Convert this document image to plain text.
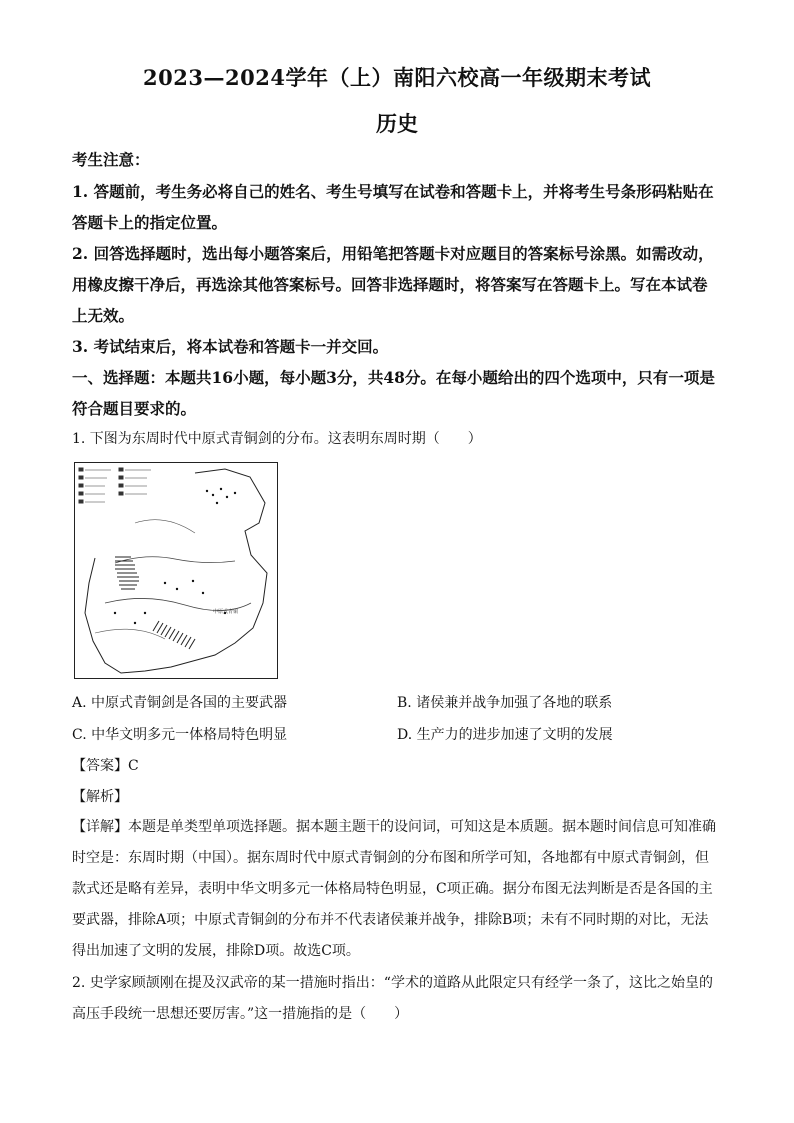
2023—2024学年（上）南阳六校高一年级期末考试
历史
考生注意：
1. 答题前，考生务必将自己的姓名、考生号填写在试卷和答题卡上，并将考生号条形码粘贴在答题卡上的指定位置。
2. 回答选择题时，选出每小题答案后，用铅笔把答题卡对应题目的答案标号涂黑。如需改动，用橡皮擦干净后，再选涂其他答案标号。回答非选择题时，将答案写在答题卡上。写在本试卷上无效。
3. 考试结束后，将本试卷和答题卡一并交回。
一、选择题：本题共16小题，每小题3分，共48分。在每小题给出的四个选项中，只有一项是符合题目要求的。
1. 下图为东周时代中原式青铜剑的分布。这表明东周时期（　　）
中原式青铜
A. 中原式青铜剑是各国的主要武器	B. 诸侯兼并战争加强了各地的联系
C. 中华文明多元一体格局特色明显	D. 生产力的进步加速了文明的发展
【答案】C
【解析】
【详解】本题是单类型单项选择题。据本题主题干的设问词，可知这是本质题。据本题时间信息可知准确时空是：东周时期（中国）。据东周时代中原式青铜剑的分布图和所学可知，各地都有中原式青铜剑，但款式还是略有差异，表明中华文明多元一体格局特色明显，C项正确。据分布图无法判断是否是各国的主要武器，排除A项；中原式青铜剑的分布并不代表诸侯兼并战争，排除B项；未有不同时期的对比，无法得出加速了文明的发展，排除D项。故选C项。
2. 史学家顾颉刚在提及汉武帝的某一措施时指出：“学术的道路从此限定只有经学一条了，这比之始皇的高压手段统一思想还要厉害。”这一措施指的是（　　）
